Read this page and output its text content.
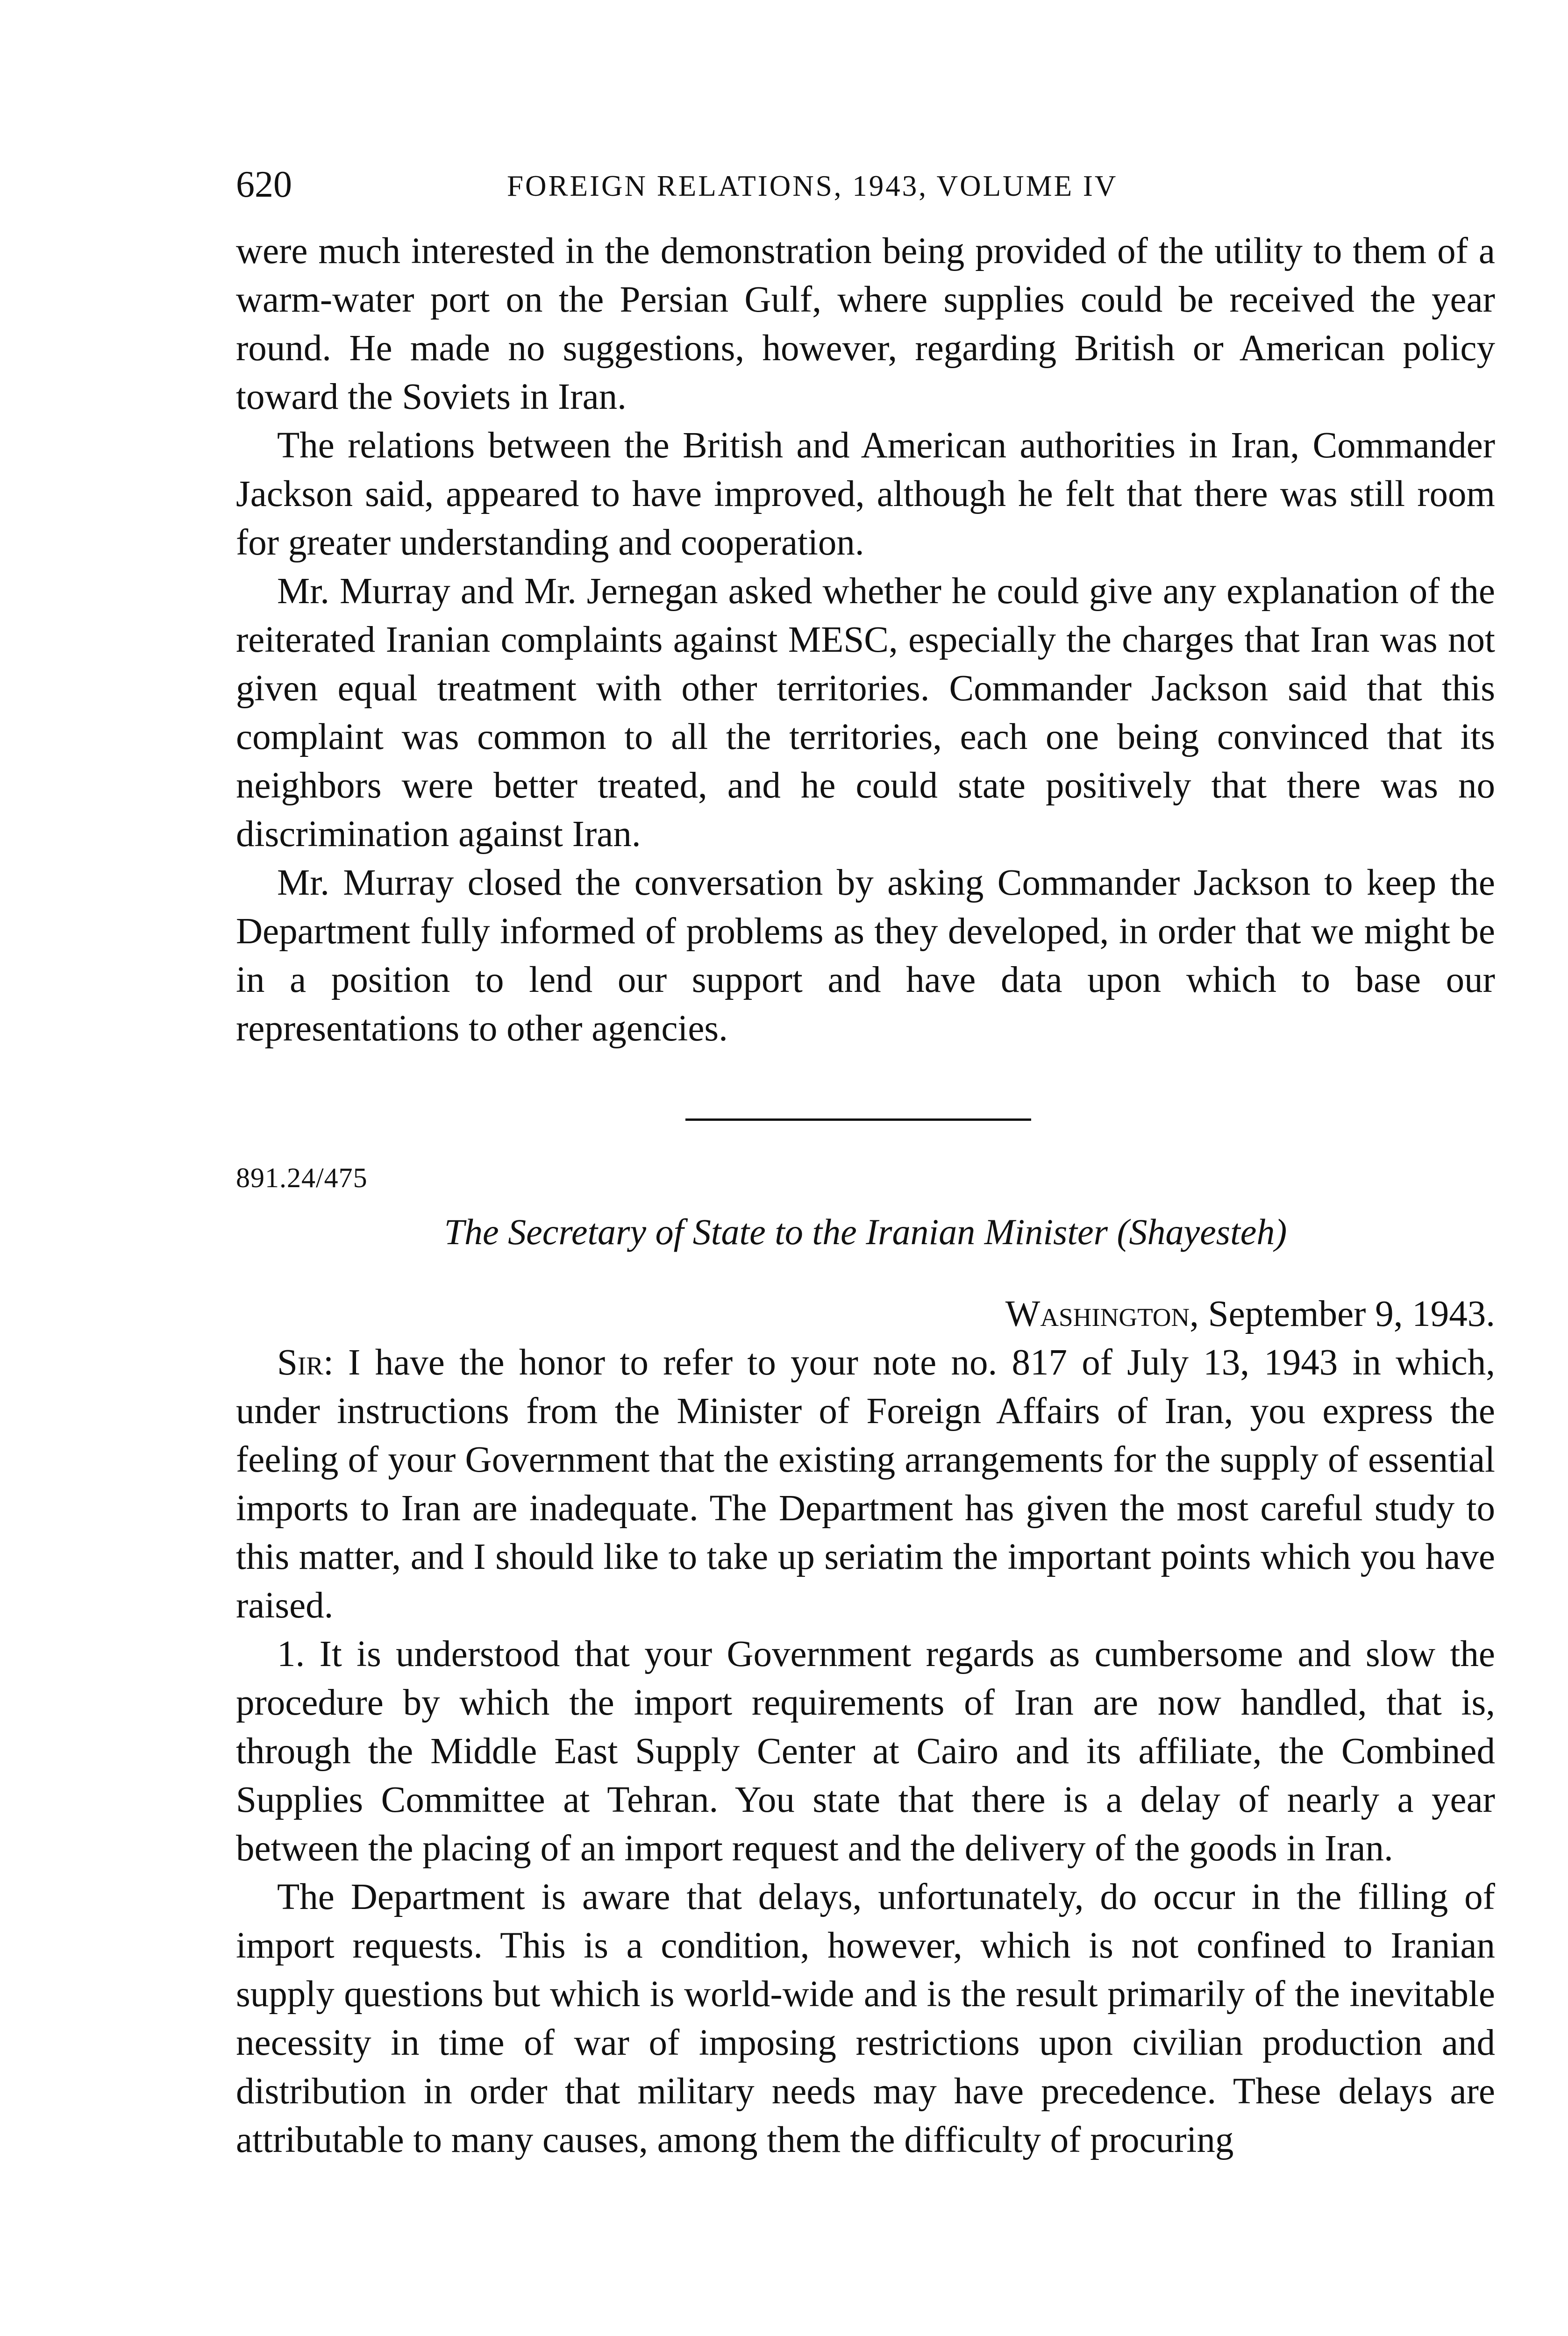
620	FOREIGN RELATIONS, 1943, VOLUME IV

were much interested in the demonstration being provided of the utility to them of a warm-water port on the Persian Gulf, where supplies could be received the year round. He made no suggestions, however, regarding British or American policy toward the Soviets in Iran.

The relations between the British and American authorities in Iran, Commander Jackson said, appeared to have improved, although he felt that there was still room for greater understanding and cooperation.

Mr. Murray and Mr. Jernegan asked whether he could give any explanation of the reiterated Iranian complaints against MESC, especially the charges that Iran was not given equal treatment with other territories. Commander Jackson said that this complaint was common to all the territories, each one being convinced that its neighbors were better treated, and he could state positively that there was no discrimination against Iran.

Mr. Murray closed the conversation by asking Commander Jackson to keep the Department fully informed of problems as they developed, in order that we might be in a position to lend our support and have data upon which to base our representations to other agencies.

891.24/475
The Secretary of State to the Iranian Minister (Shayesteh)
Washington, September 9, 1943.

Sir: I have the honor to refer to your note no. 817 of July 13, 1943 in which, under instructions from the Minister of Foreign Affairs of Iran, you express the feeling of your Government that the existing arrangements for the supply of essential imports to Iran are inadequate. The Department has given the most careful study to this matter, and I should like to take up seriatim the important points which you have raised.

1. It is understood that your Government regards as cumbersome and slow the procedure by which the import requirements of Iran are now handled, that is, through the Middle East Supply Center at Cairo and its affiliate, the Combined Supplies Committee at Tehran. You state that there is a delay of nearly a year between the placing of an import request and the delivery of the goods in Iran.

The Department is aware that delays, unfortunately, do occur in the filling of import requests. This is a condition, however, which is not confined to Iranian supply questions but which is world-wide and is the result primarily of the inevitable necessity in time of war of imposing restrictions upon civilian production and distribution in order that military needs may have precedence. These delays are attributable to many causes, among them the difficulty of procuring
